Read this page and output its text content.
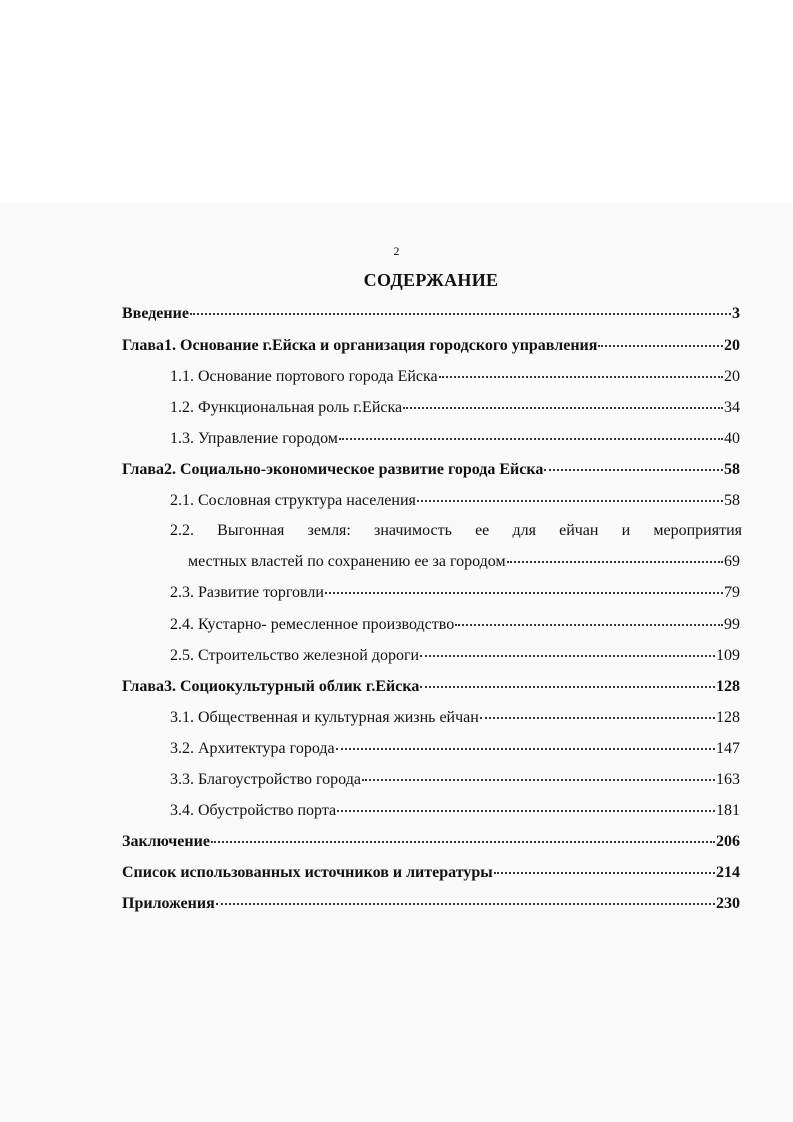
2
СОДЕРЖАНИЕ
Введение	3
Глава1. Основание г.Ейска и организация городского управления	20
1.1. Основание портового города Ейска	20
1.2. Функциональная роль г.Ейска	34
1.3. Управление городом	40
Глава2. Социально-экономическое развитие города Ейска	58
2.1. Сословная структура населения	58
2.2. Выгонная земля: значимость ее для ейчан и мероприятия
местных властей по сохранению ее за городом	69
2.3. Развитие торговли	79
2.4. Кустарно- ремесленное производство	99
2.5. Строительство железной дороги	109
Глава3. Социокультурный облик г.Ейска	128
3.1. Общественная и культурная жизнь ейчан	128
3.2. Архитектура города	147
3.3. Благоустройство города	163
3.4. Обустройство порта	181
Заключение	206
Список использованных источников и литературы	214
Приложения	230
